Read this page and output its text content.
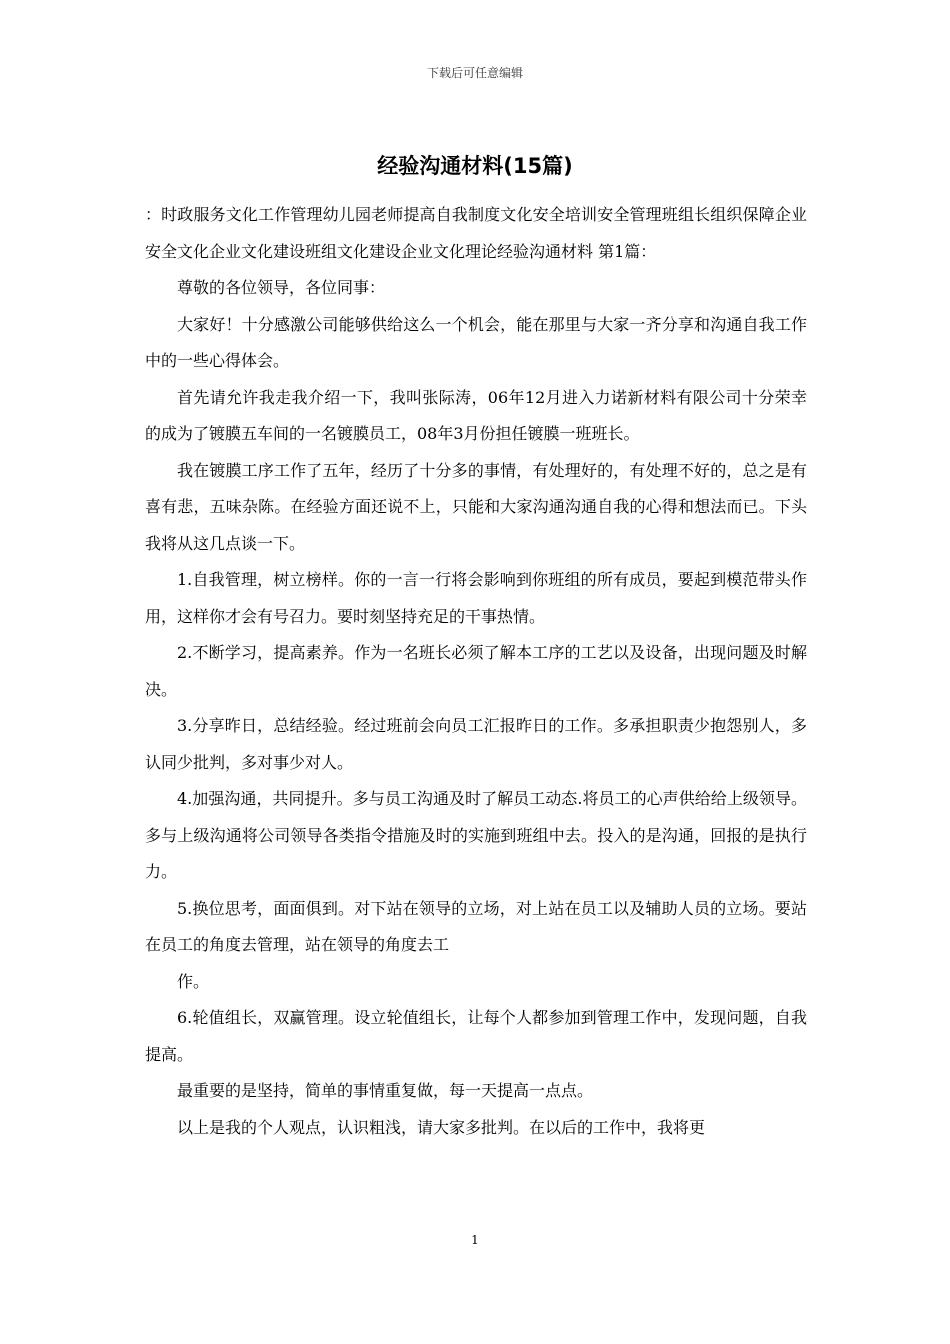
下载后可任意编辑
经验沟通材料(15篇)

：时政服务文化工作管理幼儿园老师提高自我制度文化安全培训安全管理班组长组织保障企业安全文化企业文化建设班组文化建设企业文化理论经验沟通材料 第1篇：

尊敬的各位领导，各位同事：

大家好！十分感激公司能够供给这么一个机会，能在那里与大家一齐分享和沟通自我工作中的一些心得体会。

首先请允许我走我介绍一下，我叫张际涛，06年12月进入力诺新材料有限公司十分荣幸的成为了镀膜五车间的一名镀膜员工，08年3月份担任镀膜一班班长。

我在镀膜工序工作了五年，经历了十分多的事情，有处理好的，有处理不好的，总之是有喜有悲，五味杂陈。在经验方面还说不上，只能和大家沟通沟通自我的心得和想法而已。下头我将从这几点谈一下。

1.自我管理，树立榜样。你的一言一行将会影响到你班组的所有成员，要起到模范带头作用，这样你才会有号召力。要时刻坚持充足的干事热情。

2.不断学习，提高素养。作为一名班长必须了解本工序的工艺以及设备，出现问题及时解决。

3.分享昨日，总结经验。经过班前会向员工汇报昨日的工作。多承担职责少抱怨别人，多认同少批判，多对事少对人。

4.加强沟通，共同提升。多与员工沟通及时了解员工动态.将员工的心声供给给上级领导。多与上级沟通将公司领导各类指令措施及时的实施到班组中去。投入的是沟通，回报的是执行力。

5.换位思考，面面俱到。对下站在领导的立场，对上站在员工以及辅助人员的立场。要站在员工的角度去管理，站在领导的角度去工

作。

6.轮值组长，双赢管理。设立轮值组长，让每个人都参加到管理工作中，发现问题，自我提高。

最重要的是坚持，简单的事情重复做，每一天提高一点点。

以上是我的个人观点，认识粗浅，请大家多批判。在以后的工作中，我将更

1
